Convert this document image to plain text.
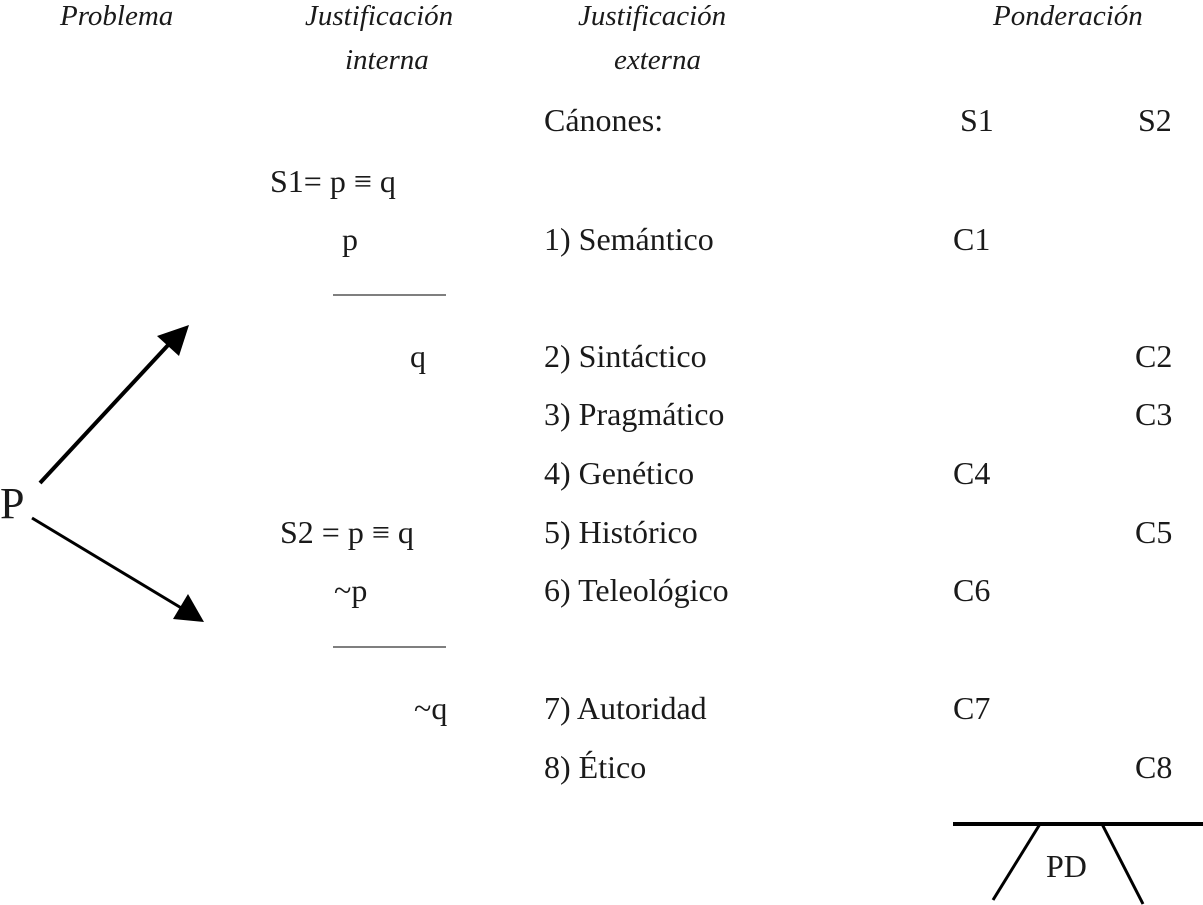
Problema	Justificación
interna
Justificación
externa
Ponderación
P
S1= p ≡ q
p
q
S2 = p ≡ q
~p
~q
Cánones:
1) Semántico
2) Sintáctico
3) Pragmático
4) Genético
5) Histórico
6) Teleológico
7) Autoridad
8) Ético
S1	S2
C1
C4
C6
C7
C2
C3
C5
C8
PD
